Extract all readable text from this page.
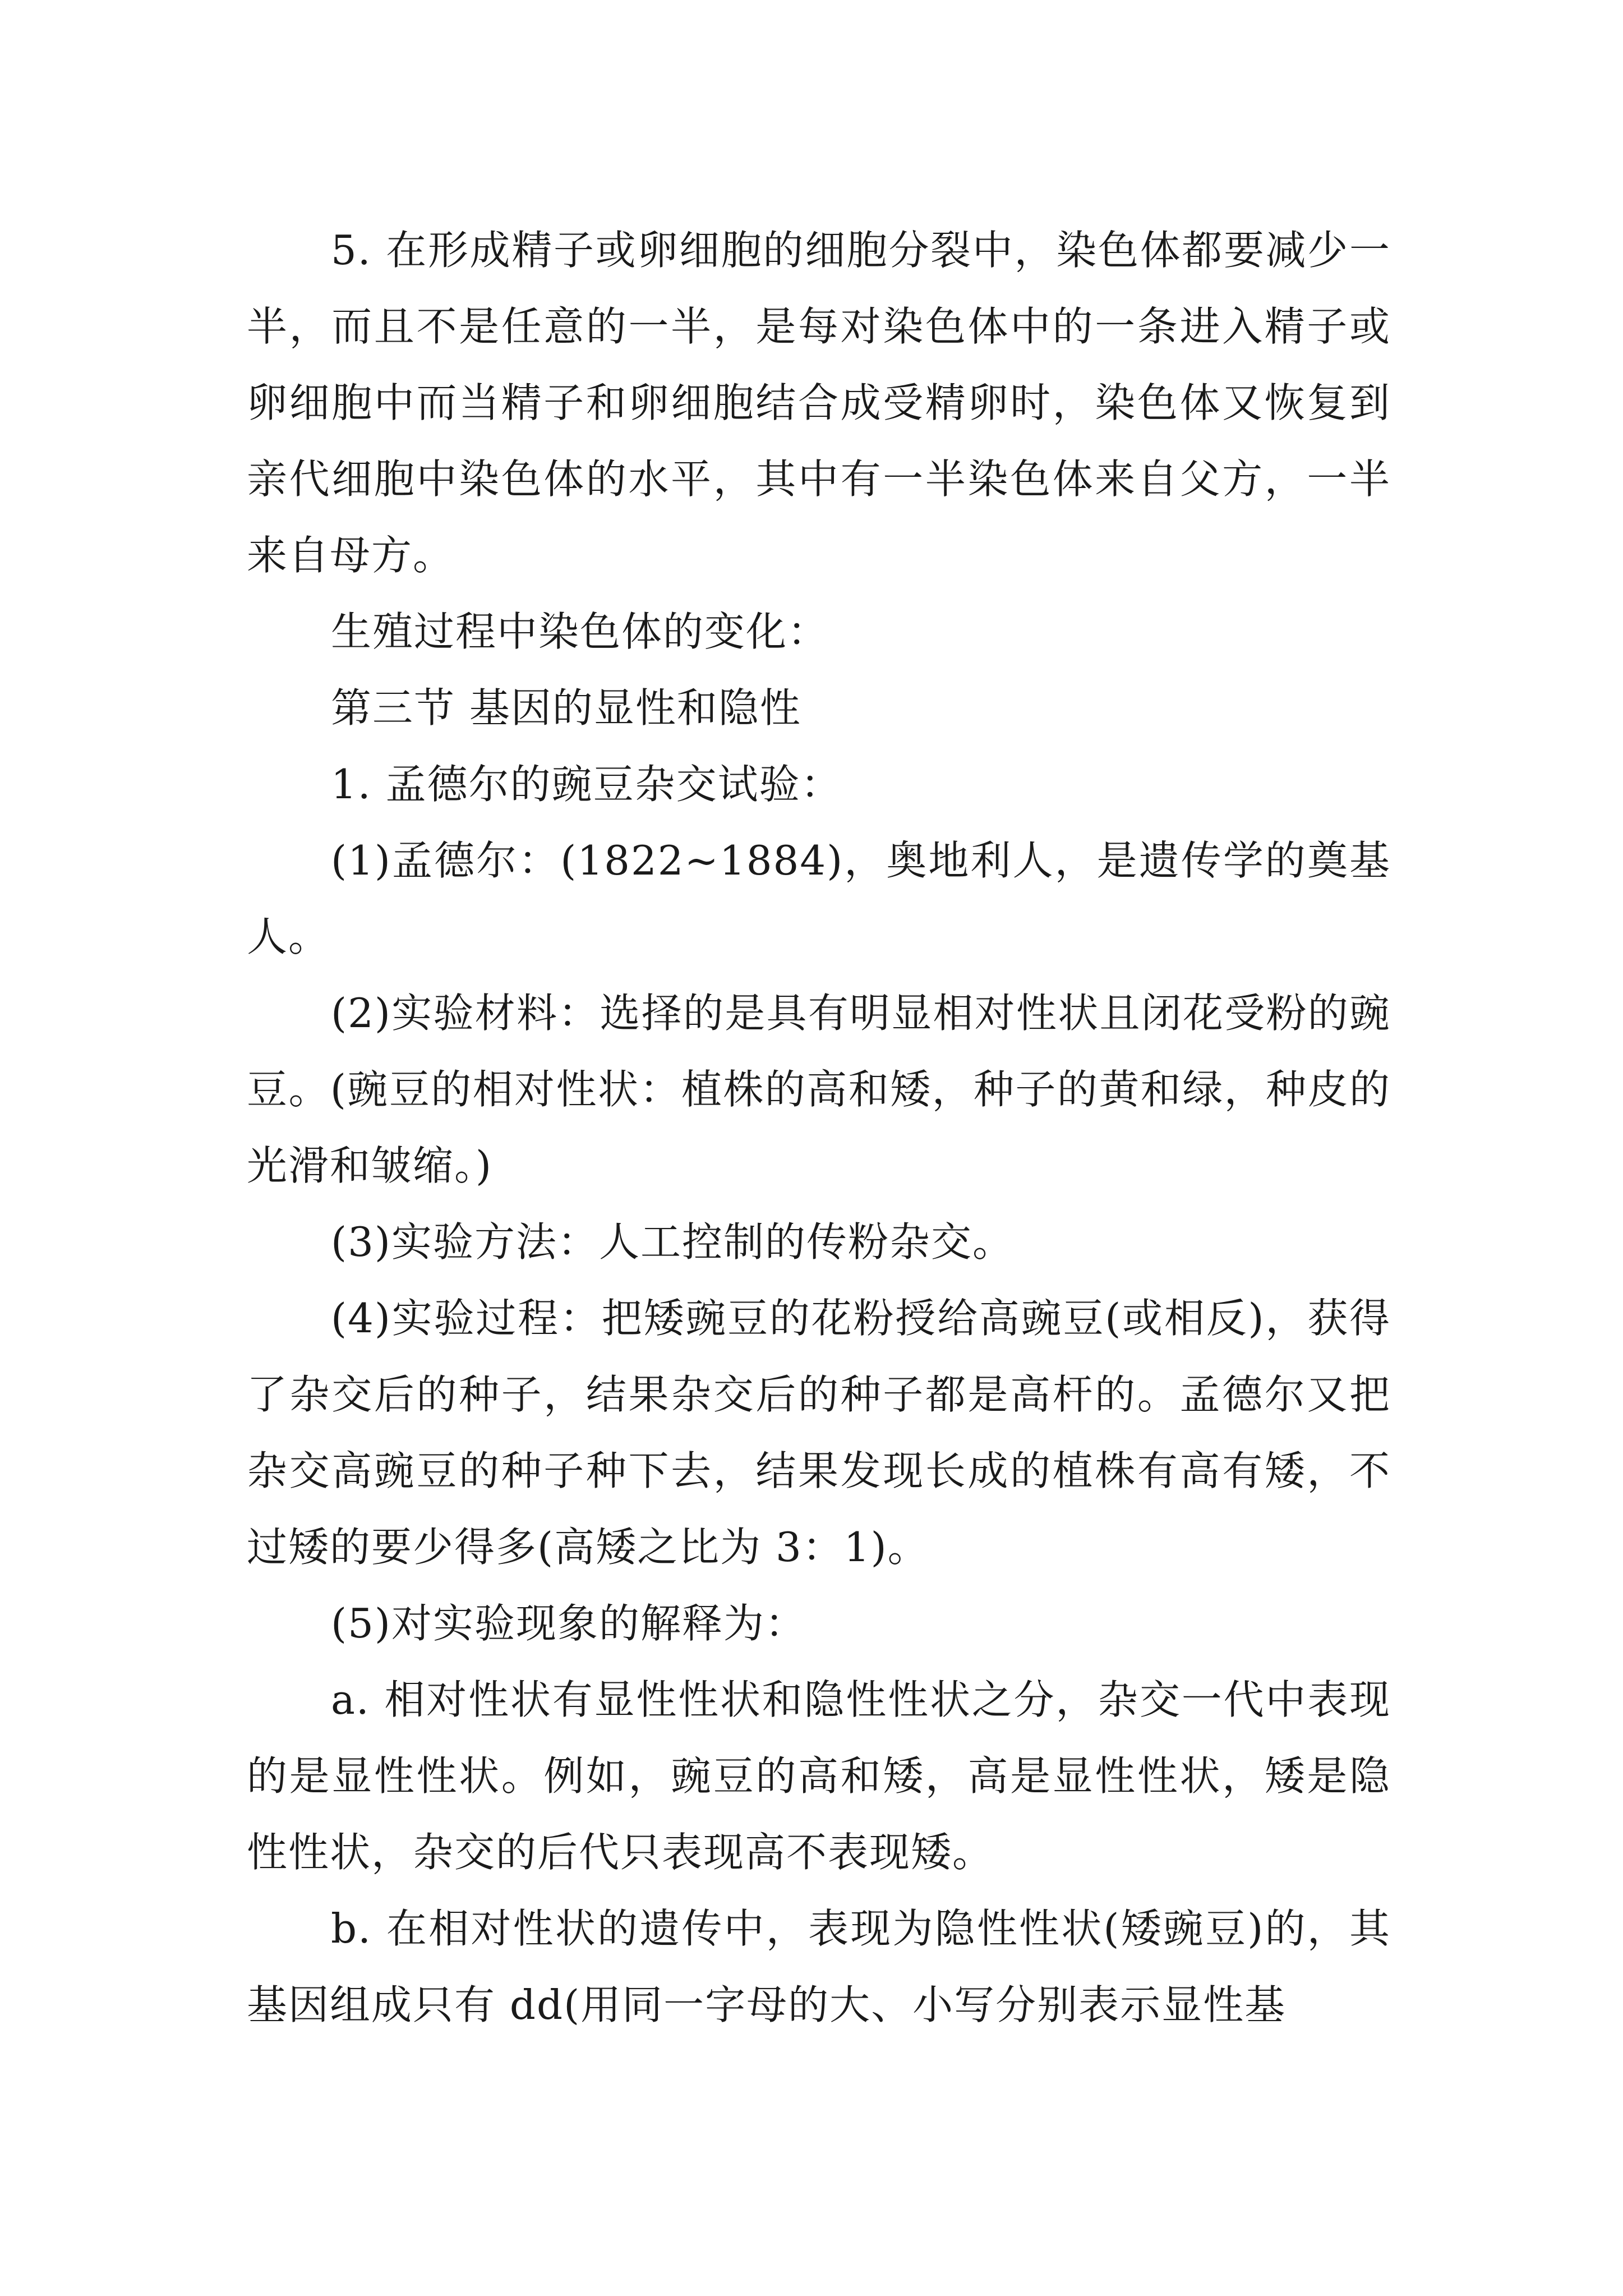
5. 在形成精子或卵细胞的细胞分裂中，染色体都要减少一半，而且不是任意的一半，是每对染色体中的一条进入精子或卵细胞中而当精子和卵细胞结合成受精卵时，染色体又恢复到亲代细胞中染色体的水平，其中有一半染色体来自父方，一半来自母方。

生殖过程中染色体的变化：

第三节 基因的显性和隐性

1. 孟德尔的豌豆杂交试验：

(1)孟德尔：(1822~1884)，奥地利人，是遗传学的奠基人。

(2)实验材料：选择的是具有明显相对性状且闭花受粉的豌豆。(豌豆的相对性状：植株的高和矮，种子的黄和绿，种皮的光滑和皱缩。)

(3)实验方法：人工控制的传粉杂交。

(4)实验过程：把矮豌豆的花粉授给高豌豆(或相反)，获得了杂交后的种子，结果杂交后的种子都是高杆的。孟德尔又把杂交高豌豆的种子种下去，结果发现长成的植株有高有矮，不过矮的要少得多(高矮之比为 3：1)。

(5)对实验现象的解释为：

a. 相对性状有显性性状和隐性性状之分，杂交一代中表现的是显性性状。例如，豌豆的高和矮，高是显性性状，矮是隐性性状，杂交的后代只表现高不表现矮。

b. 在相对性状的遗传中，表现为隐性性状(矮豌豆)的，其基因组成只有 dd(用同一字母的大、小写分别表示显性基
